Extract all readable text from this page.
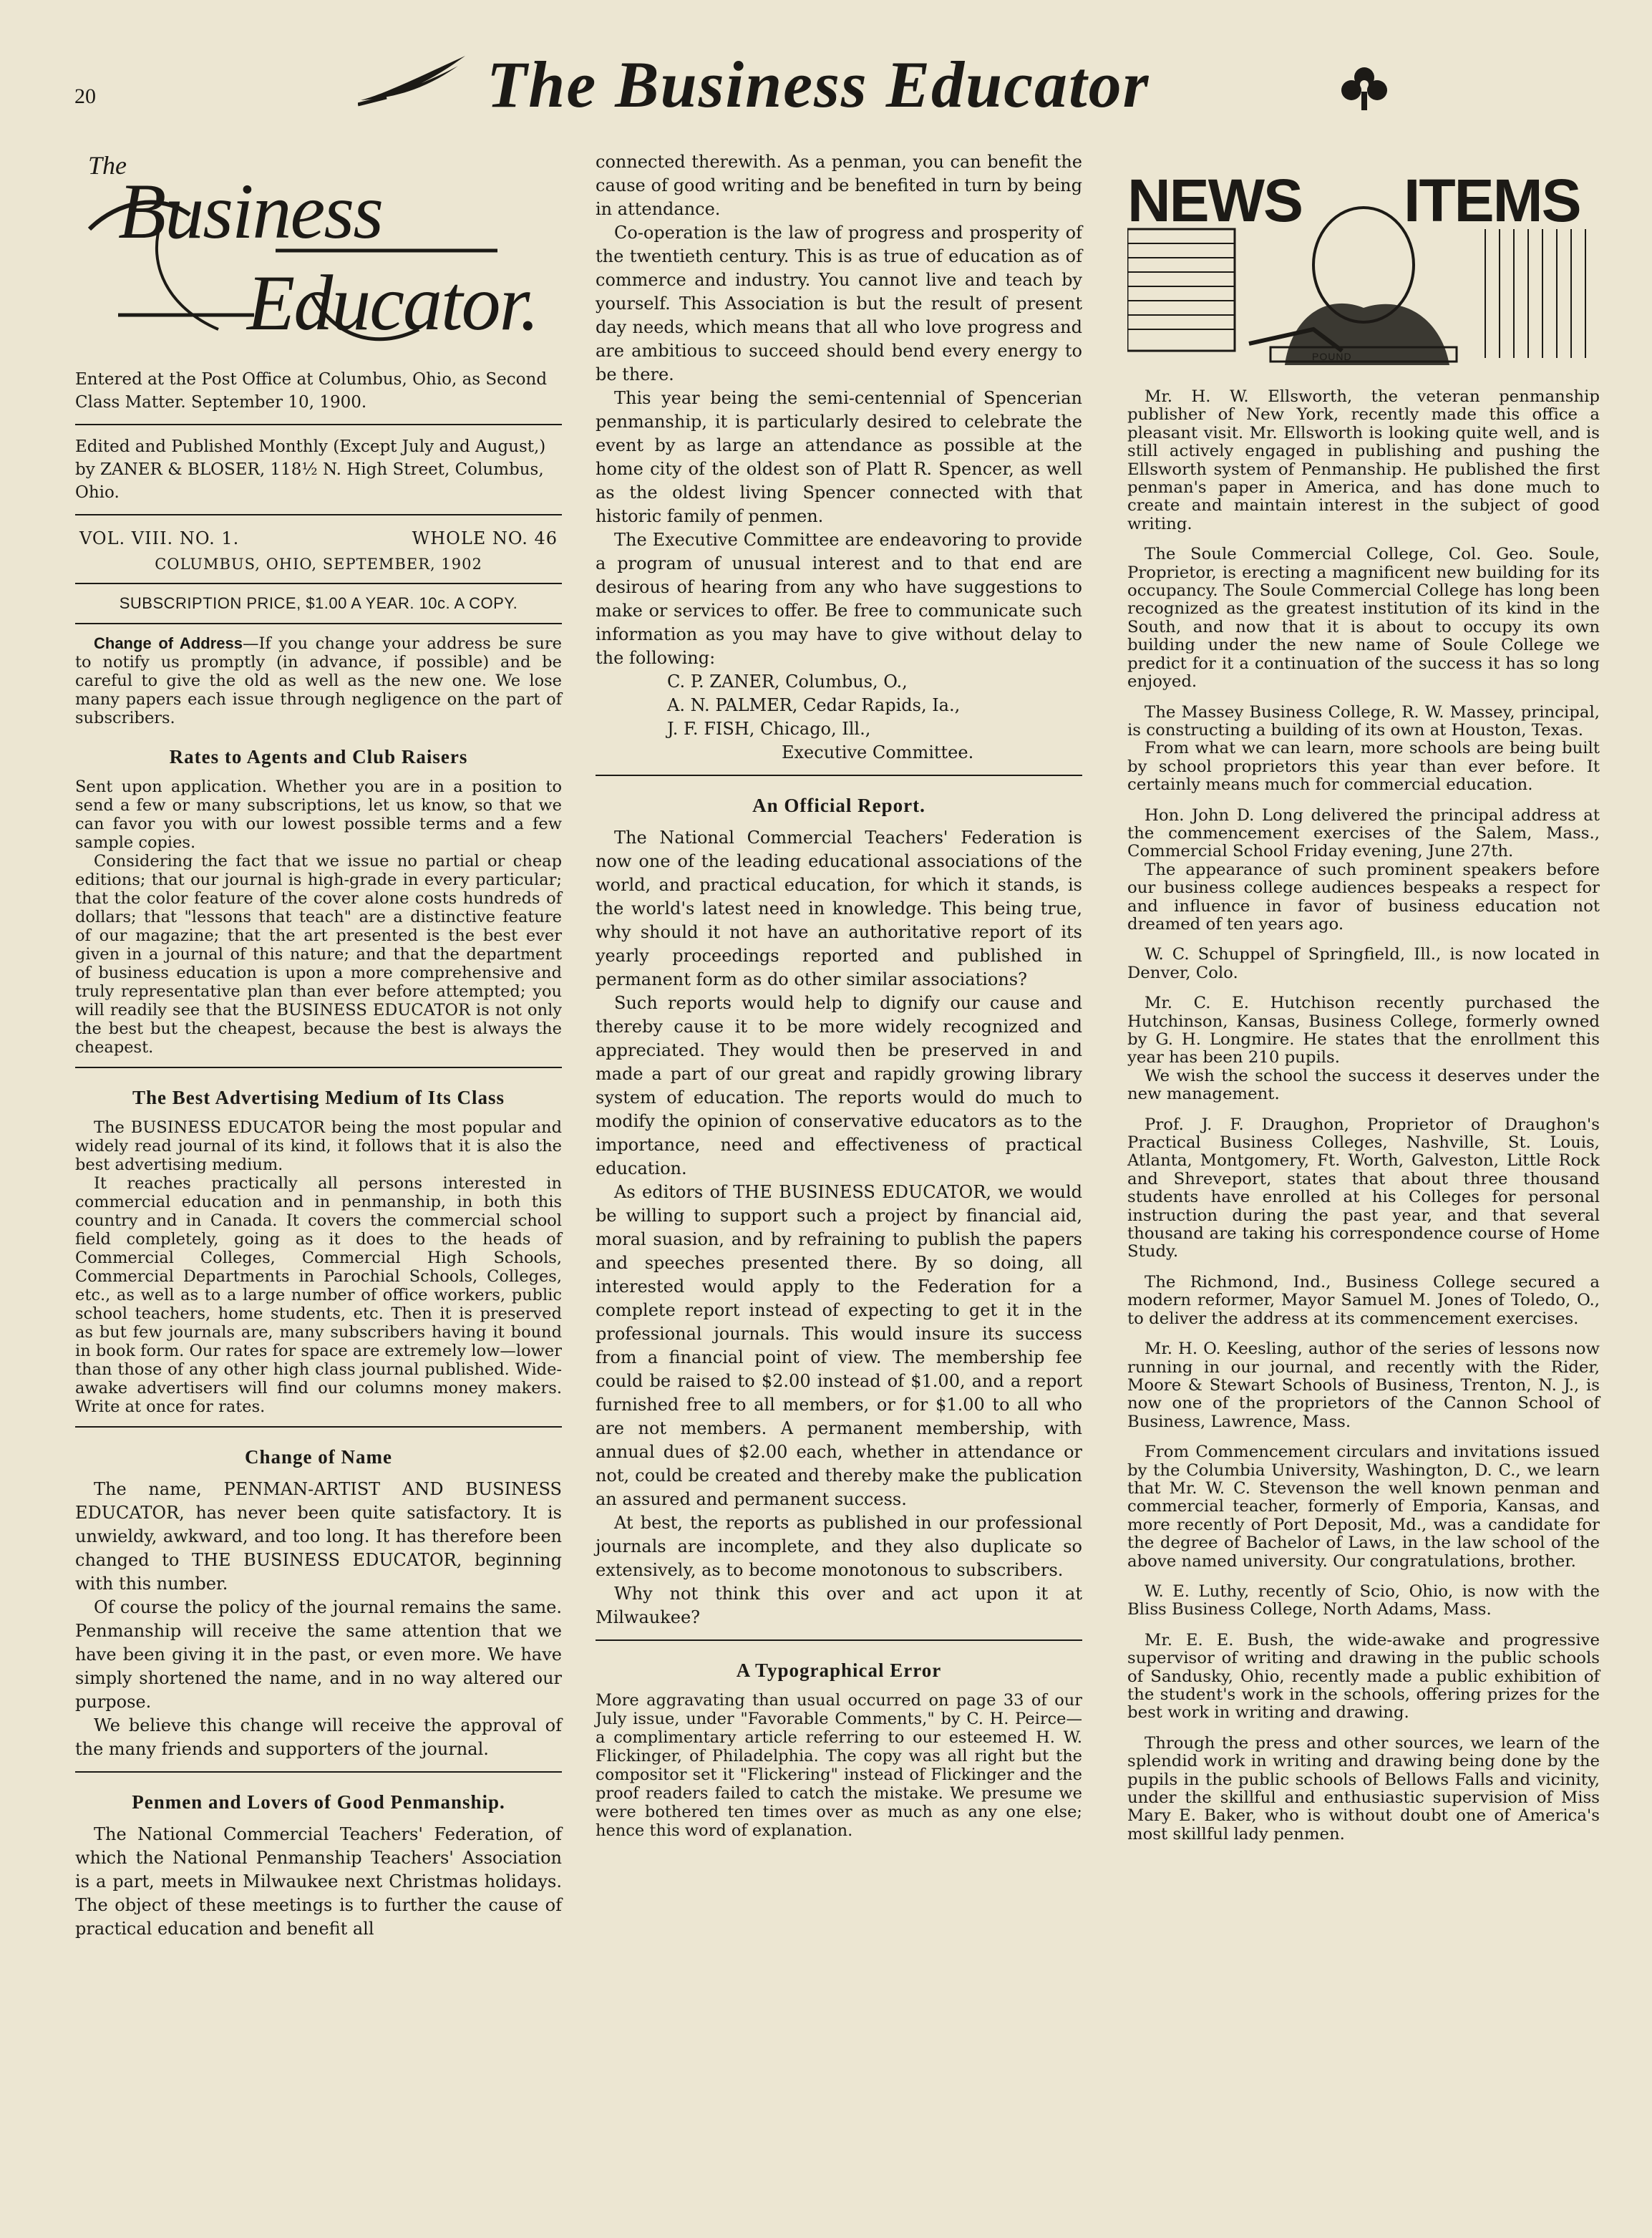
20	The Business Educator
The
Business
Educator.

Entered at the Post Office at Columbus, Ohio, as Second Class Matter. September 10, 1900.

Edited and Published Monthly (Except July and August,) by ZANER & BLOSER, 118½ N. High Street, Columbus, Ohio.

VOL. VIII. NO. 1.	WHOLE NO. 46
COLUMBUS, OHIO, SEPTEMBER, 1902
SUBSCRIPTION PRICE, $1.00 A YEAR. 10c. A COPY.

Change of Address—If you change your address be sure to notify us promptly (in advance, if possible) and be careful to give the old as well as the new one. We lose many papers each issue through negligence on the part of subscribers.

Rates to Agents and Club Raisers

Sent upon application. Whether you are in a position to send a few or many subscriptions, let us know, so that we can favor you with our lowest possible terms and a few sample copies.

Considering the fact that we issue no partial or cheap editions; that our journal is high-grade in every particular; that the color feature of the cover alone costs hundreds of dollars; that "lessons that teach" are a distinctive feature of our magazine; that the art presented is the best ever given in a journal of this nature; and that the department of business education is upon a more comprehensive and truly representative plan than ever before attempted; you will readily see that the BUSINESS EDUCATOR is not only the best but the cheapest, because the best is always the cheapest.

The Best Advertising Medium of Its Class

The BUSINESS EDUCATOR being the most popular and widely read journal of its kind, it follows that it is also the best advertising medium.

It reaches practically all persons interested in commercial education and in penmanship, in both this country and in Canada. It covers the commercial school field completely, going as it does to the heads of Commercial Colleges, Commercial High Schools, Commercial Departments in Parochial Schools, Colleges, etc., as well as to a large number of office workers, public school teachers, home students, etc. Then it is preserved as but few journals are, many subscribers having it bound in book form. Our rates for space are extremely low—lower than those of any other high class journal published. Wide-awake advertisers will find our columns money makers. Write at once for rates.

Change of Name

The name, PENMAN-ARTIST AND BUSINESS EDUCATOR, has never been quite satisfactory. It is unwieldy, awkward, and too long. It has therefore been changed to THE BUSINESS EDUCATOR, beginning with this number.

Of course the policy of the journal remains the same. Penmanship will receive the same attention that we have been giving it in the past, or even more. We have simply shortened the name, and in no way altered our purpose.

We believe this change will receive the approval of the many friends and supporters of the journal.

Penmen and Lovers of Good Penmanship.

The National Commercial Teachers' Federation, of which the National Penmanship Teachers' Association is a part, meets in Milwaukee next Christmas holidays. The object of these meetings is to further the cause of practical education and benefit all

connected therewith. As a penman, you can benefit the cause of good writing and be benefited in turn by being in attendance.

Co-operation is the law of progress and prosperity of the twentieth century. This is as true of education as of commerce and industry. You cannot live and teach by yourself. This Association is but the result of present day needs, which means that all who love progress and are ambitious to succeed should bend every energy to be there.

This year being the semi-centennial of Spencerian penmanship, it is particularly desired to celebrate the event by as large an attendance as possible at the home city of the oldest son of Platt R. Spencer, as well as the oldest living Spencer connected with that historic family of penmen.

The Executive Committee are endeavoring to provide a program of unusual interest and to that end are desirous of hearing from any who have suggestions to make or services to offer. Be free to communicate such information as you may have to give without delay to the following:

C. P. ZANER, Columbus, O.,

A. N. PALMER, Cedar Rapids, Ia.,

J. F. FISH, Chicago, Ill.,

Executive Committee.

An Official Report.

The National Commercial Teachers' Federation is now one of the leading educational associations of the world, and practical education, for which it stands, is the world's latest need in knowledge. This being true, why should it not have an authoritative report of its yearly proceedings reported and published in permanent form as do other similar associations?

Such reports would help to dignify our cause and thereby cause it to be more widely recognized and appreciated. They would then be preserved in and made a part of our great and rapidly growing library system of education. The reports would do much to modify the opinion of conservative educators as to the importance, need and effectiveness of practical education.

As editors of THE BUSINESS EDUCATOR, we would be willing to support such a project by financial aid, moral suasion, and by refraining to publish the papers and speeches presented there. By so doing, all interested would apply to the Federation for a complete report instead of expecting to get it in the professional journals. This would insure its success from a financial point of view. The membership fee could be raised to $2.00 instead of $1.00, and a report furnished free to all members, or for $1.00 to all who are not members. A permanent membership, with annual dues of $2.00 each, whether in attendance or not, could be created and thereby make the publication an assured and permanent success.

At best, the reports as published in our professional journals are incomplete, and they also duplicate so extensively, as to become monotonous to subscribers.

Why not think this over and act upon it at Milwaukee?

A Typographical Error

More aggravating than usual occurred on page 33 of our July issue, under "Favorable Comments," by C. H. Peirce—a complimentary article referring to our esteemed H. W. Flickinger, of Philadelphia. The copy was all right but the compositor set it "Flickering" instead of Flickinger and the proof readers failed to catch the mistake. We presume we were bothered ten times over as much as any one else; hence this word of explanation.

NEWS ITEMS
POUND

Mr. H. W. Ellsworth, the veteran penmanship publisher of New York, recently made this office a pleasant visit. Mr. Ellsworth is looking quite well, and is still actively engaged in publishing and pushing the Ellsworth system of Penmanship. He published the first penman's paper in America, and has done much to create and maintain interest in the subject of good writing.

The Soule Commercial College, Col. Geo. Soule, Proprietor, is erecting a magnificent new building for its occupancy. The Soule Commercial College has long been recognized as the greatest institution of its kind in the South, and now that it is about to occupy its own building under the new name of Soule College we predict for it a continuation of the success it has so long enjoyed.

The Massey Business College, R. W. Massey, principal, is constructing a building of its own at Houston, Texas.

From what we can learn, more schools are being built by school proprietors this year than ever before. It certainly means much for commercial education.

Hon. John D. Long delivered the principal address at the commencement exercises of the Salem, Mass., Commercial School Friday evening, June 27th.

The appearance of such prominent speakers before our business college audiences bespeaks a respect for and influence in favor of business education not dreamed of ten years ago.

W. C. Schuppel of Springfield, Ill., is now located in Denver, Colo.

Mr. C. E. Hutchison recently purchased the Hutchinson, Kansas, Business College, formerly owned by G. H. Longmire. He states that the enrollment this year has been 210 pupils.

We wish the school the success it deserves under the new management.

Prof. J. F. Draughon, Proprietor of Draughon's Practical Business Colleges, Nashville, St. Louis, Atlanta, Montgomery, Ft. Worth, Galveston, Little Rock and Shreveport, states that about three thousand students have enrolled at his Colleges for personal instruction during the past year, and that several thousand are taking his correspondence course of Home Study.

The Richmond, Ind., Business College secured a modern reformer, Mayor Samuel M. Jones of Toledo, O., to deliver the address at its commencement exercises.

Mr. H. O. Keesling, author of the series of lessons now running in our journal, and recently with the Rider, Moore & Stewart Schools of Business, Trenton, N. J., is now one of the proprietors of the Cannon School of Business, Lawrence, Mass.

From Commencement circulars and invitations issued by the Columbia University, Washington, D. C., we learn that Mr. W. C. Stevenson the well known penman and commercial teacher, formerly of Emporia, Kansas, and more recently of Port Deposit, Md., was a candidate for the degree of Bachelor of Laws, in the law school of the above named university. Our congratulations, brother.

W. E. Luthy, recently of Scio, Ohio, is now with the Bliss Business College, North Adams, Mass.

Mr. E. E. Bush, the wide-awake and progressive supervisor of writing and drawing in the public schools of Sandusky, Ohio, recently made a public exhibition of the student's work in the schools, offering prizes for the best work in writing and drawing.

Through the press and other sources, we learn of the splendid work in writing and drawing being done by the pupils in the public schools of Bellows Falls and vicinity, under the skillful and enthusiastic supervision of Miss Mary E. Baker, who is without doubt one of America's most skillful lady penmen.
